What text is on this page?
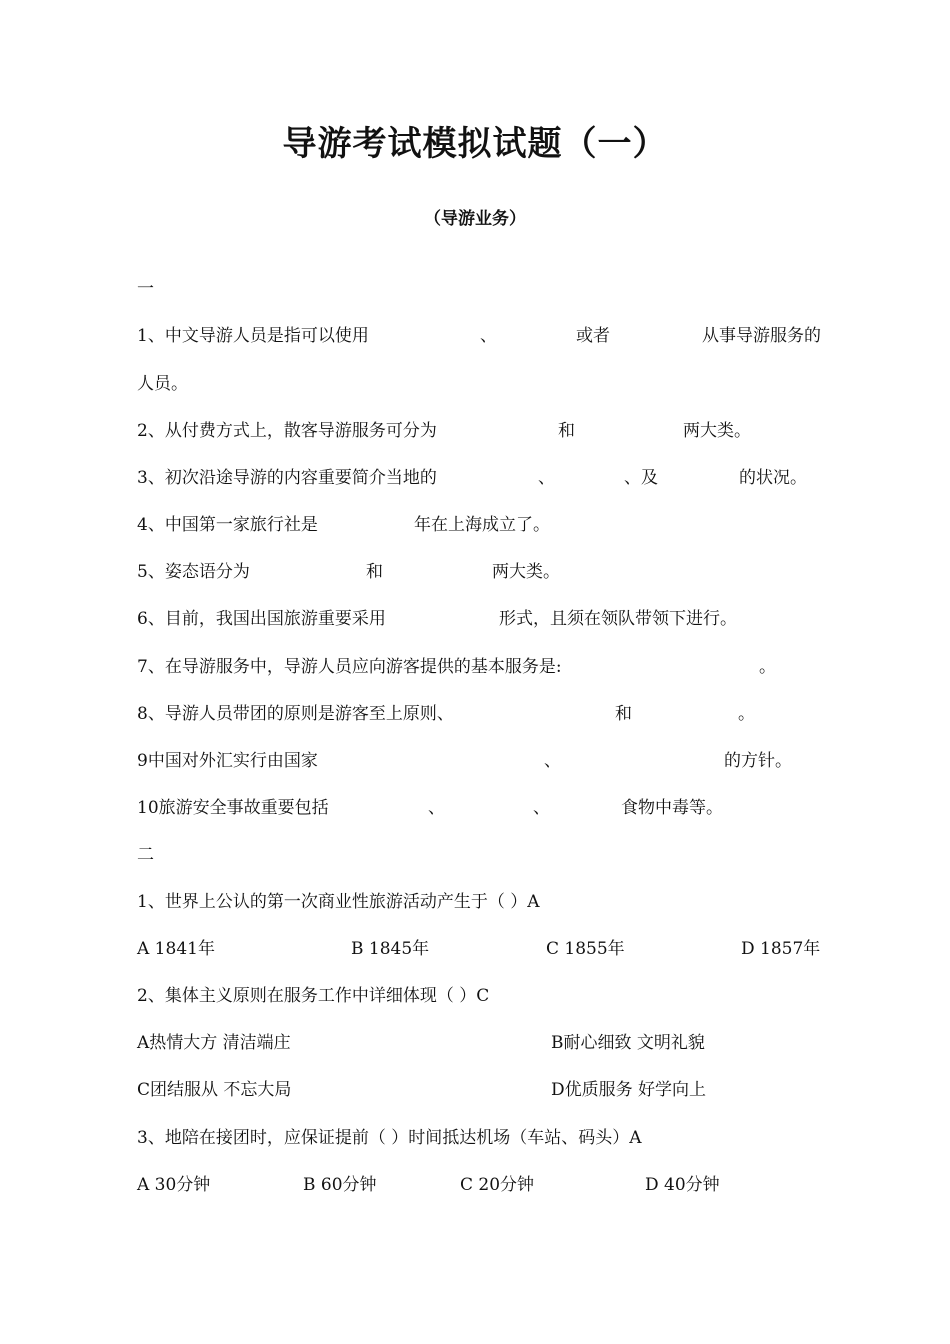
导游考试模拟试题（一）
（导游业务）
一
1、中文导游人员是指可以使用	、	或者	从事导游服务的
人员。
2、从付费方式上，散客导游服务可分为	和	两大类。
3、初次沿途导游的内容重要简介当地的	、	、及	的状况。
4、中国第一家旅行社是	年在上海成立了。
5、姿态语分为	和	两大类。
6、目前，我国出国旅游重要采用	形式，且须在领队带领下进行。
7、在导游服务中，导游人员应向游客提供的基本服务是:	。
8、导游人员带团的原则是游客至上原则、	和	。
9中国对外汇实行由国家	、	的方针。
10旅游安全事故重要包括	、	、	食物中毒等。
二
1、世界上公认的第一次商业性旅游活动产生于（ ）A
A 1841年	B 1845年	C 1855年	D 1857年
2、集体主义原则在服务工作中详细体现（ ）C
A热情大方 清洁端庄	B耐心细致 文明礼貌
C团结服从 不忘大局	D优质服务 好学向上
3、地陪在接团时，应保证提前（ ）时间抵达机场（车站、码头）A
A 30分钟	B 60分钟	C 20分钟	D 40分钟
